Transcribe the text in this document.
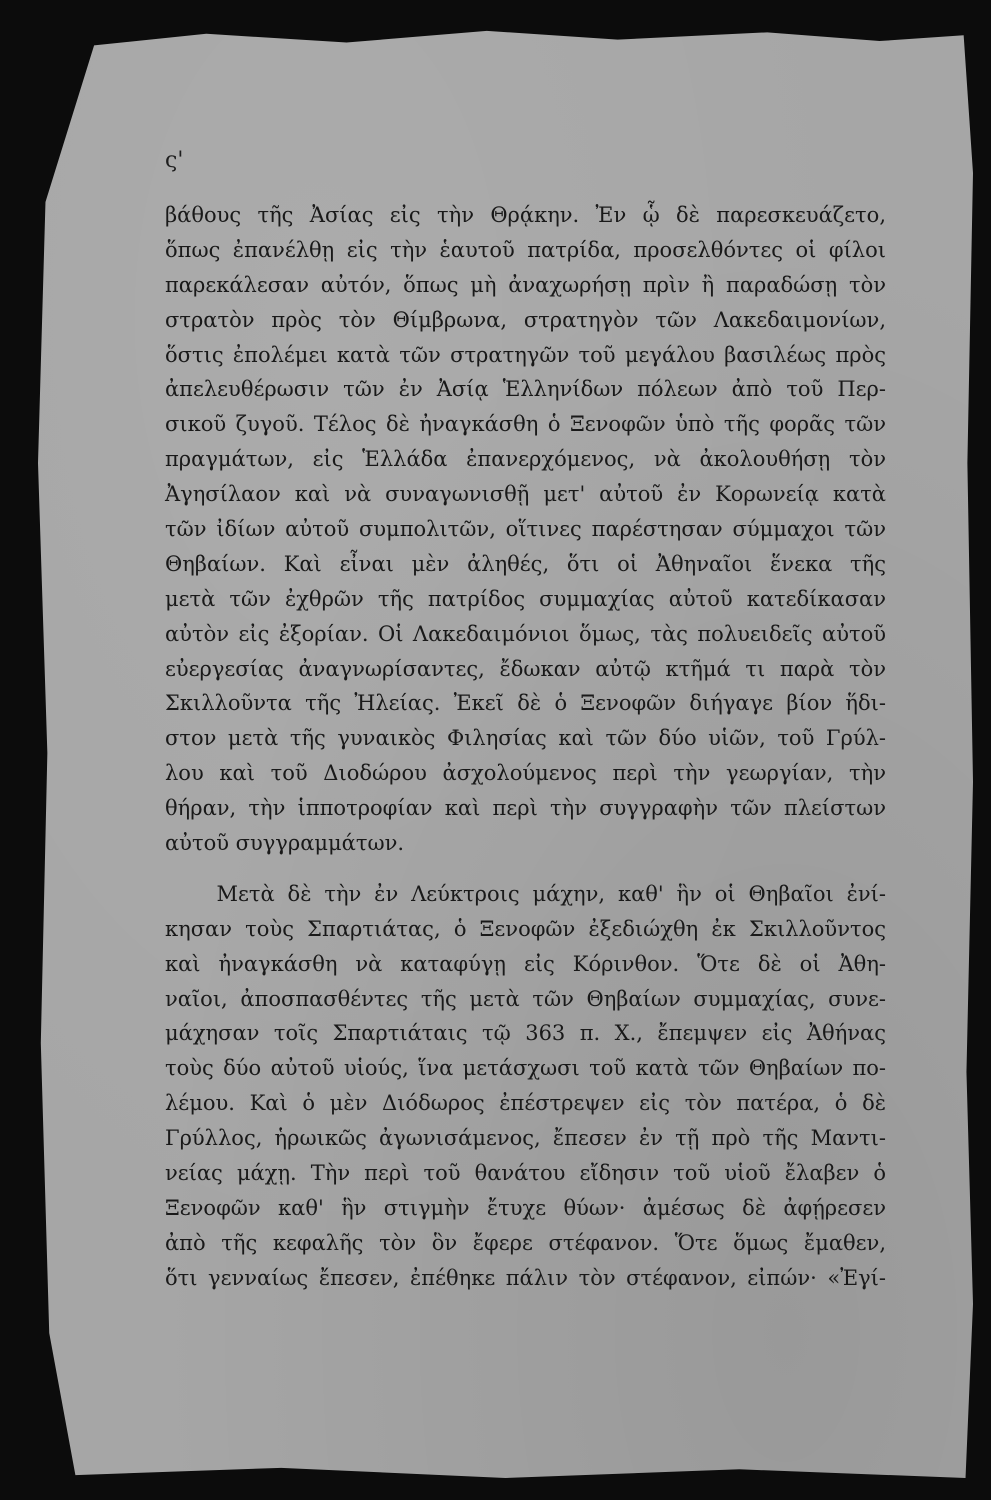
ς'
βάθους τῆς Ἀσίας εἰς τὴν Θρᾴκην. Ἐν ᾧ δὲ παρεσκευάζετο,
ὅπως ἐπανέλθῃ εἰς τὴν ἑαυτοῦ πατρίδα, προσελθόντες οἱ φίλοι
παρεκάλεσαν αὐτόν, ὅπως μὴ ἀναχωρήσῃ πρὶν ἢ παραδώσῃ τὸν
στρατὸν πρὸς τὸν Θίμβρωνα, στρατηγὸν τῶν Λακεδαιμονίων,
ὅστις ἐπολέμει κατὰ τῶν στρατηγῶν τοῦ μεγάλου βασιλέως πρὸς
ἀπελευθέρωσιν τῶν ἐν Ἀσίᾳ Ἑλληνίδων πόλεων ἀπὸ τοῦ Περ-
σικοῦ ζυγοῦ. Τέλος δὲ ἠναγκάσθη ὁ Ξενοφῶν ὑπὸ τῆς φορᾶς τῶν
πραγμάτων, εἰς Ἑλλάδα ἐπανερχόμενος, νὰ ἀκολουθήσῃ τὸν
Ἀγησίλαον καὶ νὰ συναγωνισθῇ μετ' αὐτοῦ ἐν Κορωνείᾳ κατὰ
τῶν ἰδίων αὐτοῦ συμπολιτῶν, οἵτινες παρέστησαν σύμμαχοι τῶν
Θηβαίων. Καὶ εἶναι μὲν ἀληθές, ὅτι οἱ Ἀθηναῖοι ἕνεκα τῆς
μετὰ τῶν ἐχθρῶν τῆς πατρίδος συμμαχίας αὐτοῦ κατεδίκασαν
αὐτὸν εἰς ἐξορίαν. Οἱ Λακεδαιμόνιοι ὅμως, τὰς πολυειδεῖς αὐτοῦ
εὐεργεσίας ἀναγνωρίσαντες, ἔδωκαν αὐτῷ κτῆμά τι παρὰ τὸν
Σκιλλοῦντα τῆς Ἠλείας. Ἐκεῖ δὲ ὁ Ξενοφῶν διήγαγε βίον ἥδι-
στον μετὰ τῆς γυναικὸς Φιλησίας καὶ τῶν δύο υἱῶν, τοῦ Γρύλ-
λου καὶ τοῦ Διοδώρου ἀσχολούμενος περὶ τὴν γεωργίαν, τὴν
θήραν, τὴν ἱπποτροφίαν καὶ περὶ τὴν συγγραφὴν τῶν πλείστων
αὐτοῦ συγγραμμάτων.
Μετὰ δὲ τὴν ἐν Λεύκτροις μάχην, καθ' ἣν οἱ Θηβαῖοι ἐνί-
κησαν τοὺς Σπαρτιάτας, ὁ Ξενοφῶν ἐξεδιώχθη ἐκ Σκιλλοῦντος
καὶ ἠναγκάσθη νὰ καταφύγῃ εἰς Κόρινθον. Ὅτε δὲ οἱ Ἀθη-
ναῖοι, ἀποσπασθέντες τῆς μετὰ τῶν Θηβαίων συμμαχίας, συνε-
μάχησαν τοῖς Σπαρτιάταις τῷ 363 π. Χ., ἔπεμψεν εἰς Ἀθήνας
τοὺς δύο αὐτοῦ υἱούς, ἵνα μετάσχωσι τοῦ κατὰ τῶν Θηβαίων πο-
λέμου. Καὶ ὁ μὲν Διόδωρος ἐπέστρεψεν εἰς τὸν πατέρα, ὁ δὲ
Γρύλλος, ἡρωικῶς ἀγωνισάμενος, ἔπεσεν ἐν τῇ πρὸ τῆς Μαντι-
νείας μάχῃ. Τὴν περὶ τοῦ θανάτου εἴδησιν τοῦ υἱοῦ ἔλαβεν ὁ
Ξενοφῶν καθ' ἣν στιγμὴν ἔτυχε θύων· ἀμέσως δὲ ἀφῄρεσεν
ἀπὸ τῆς κεφαλῆς τὸν ὃν ἔφερε στέφανον. Ὅτε ὅμως ἔμαθεν,
ὅτι γενναίως ἔπεσεν, ἐπέθηκε πάλιν τὸν στέφανον, εἰπών· «Ἐγί-
